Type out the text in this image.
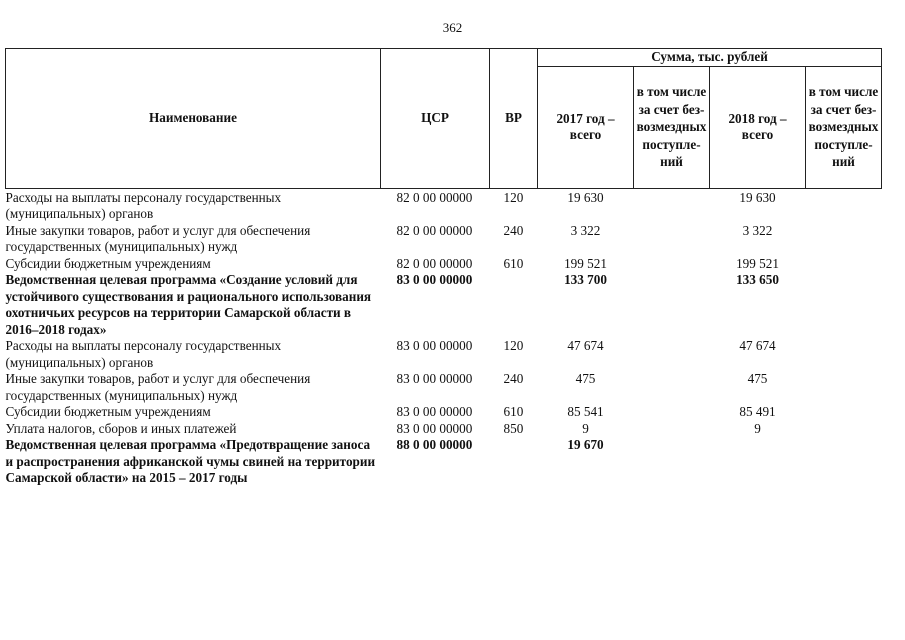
362
Наименование	ЦСР	ВР	Сумма, тыс. рублей			
			2017 год – всего	в том числе за счет безвозмездных поступлений	2018 год – всего	в том числе за счет безвозмездных поступлений
Расходы на выплаты персоналу государственных (муниципальных) органов	82 0 00 00000	120	19 630		19 630	
Иные закупки товаров, работ и услуг для обеспечения государственных (муниципальных) нужд	82 0 00 00000	240	3 322		3 322	
Субсидии бюджетным учреждениям	82 0 00 00000	610	199 521		199 521	
Ведомственная целевая программа «Создание условий для устойчивого существования и рационального использования охотничьих ресурсов на территории Самарской области в 2016–2018 годах»	83 0 00 00000		133 700		133 650	
Расходы на выплаты персоналу государственных (муниципальных) органов	83 0 00 00000	120	47 674		47 674	
Иные закупки товаров, работ и услуг для обеспечения государственных (муниципальных) нужд	83 0 00 00000	240	475		475	
Субсидии бюджетным учреждениям	83 0 00 00000	610	85 541		85 491	
Уплата налогов, сборов и иных платежей	83 0 00 00000	850	9		9	
Ведомственная целевая программа «Предотвращение заноса и распространения африканской чумы свиней на территории Самарской области» на 2015 – 2017 годы	88 0 00 00000		19 670			
